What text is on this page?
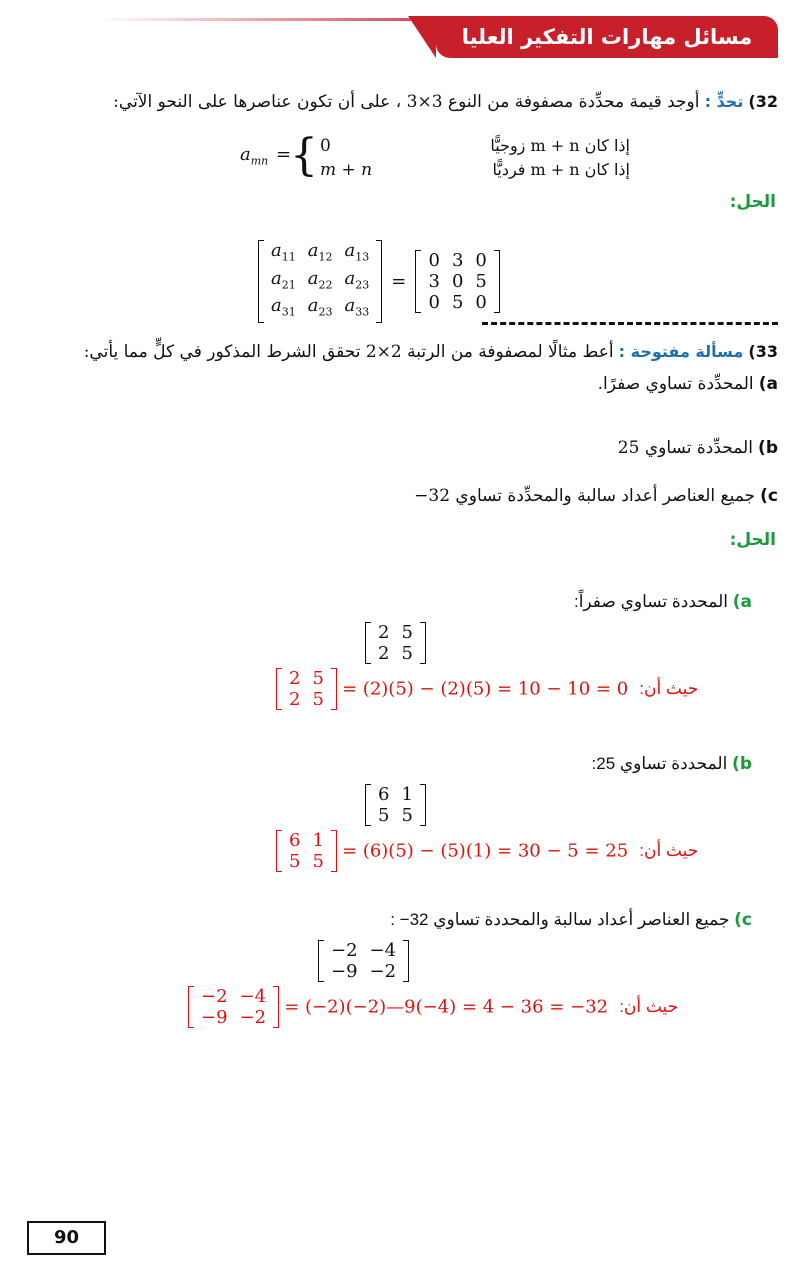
مسائل مهارات التفكير العليا
32) تحدٍّ : أوجد قيمة محدِّدة مصفوفة من النوع 3×3 ، على أن تكون عناصرها على النحو الآتي:
$a_{mn}$ =
{ 0
m + n
إذا كان m + n زوجيًّا
إذا كان m + n فرديًّا
الحل:
$a_{11}$	$a_{12}$	$a_{13}$
$a_{21}$	$a_{22}$	$a_{23}$
$a_{31}$	$a_{23}$	$a_{33}$
=
0	3	0
3	0	5
0	5	0
33) مسألة مفتوحة : أعط مثالًا لمصفوفة من الرتبة 2×2 تحقق الشرط المذكور في كلٍّ مما يأتي:
a) المحدِّدة تساوي صفرًا.
b) المحدِّدة تساوي 25
c) جميع العناصر أعداد سالبة والمحدِّدة تساوي 32−
الحل:
a) المحددة تساوي صفراً:
2	5
2	5
2	5
2	5 = (2)(5) − (2)(5) = 10 − 10 = 0 حيث أن:
b) المحددة تساوي 25:
6	1
5	5
6	1
5	5 = (6)(5) − (5)(1) = 30 − 5 = 25 حيث أن:
c) جميع العناصر أعداد سالبة والمحددة تساوي 32− :
−2	−4
−9	−2
−2	−4
−9	−2 = (−2)(−2)—9(−4) = 4 − 36 = −32 حيث أن:
90
